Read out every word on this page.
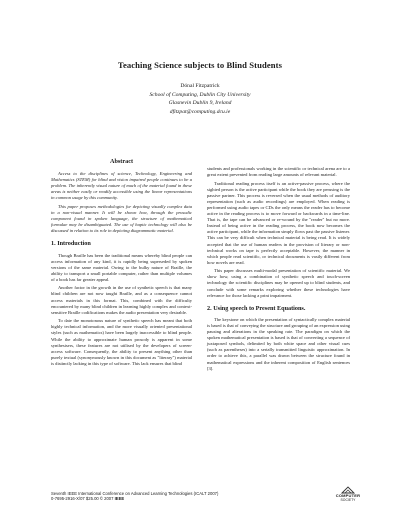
Teaching Science subjects to Blind Students
Dónal Fitzpatrick
School of Computing, Dublin City University
Glasnevin Dublin 9, Ireland
dfitzpat@computing.dcu.ie
Abstract

Access to the disciplines of science, Technology, Engineering and Mathematics (STEM) for blind and vision impaired people continues to be a problem. The inherently visual nature of much of the material found in these areas is neither easily or readily accessible using the linear representations in common usage by this community.

This paper proposes methodologies for depicting visually complex data in a non-visual manner. It will be shown how, through the prosodic component found in spoken language, the structure of mathematical formulae may be disambiguated. The use of haptic technology will also be discussed in relation to its role in depicting diagrammatic material.

1. Introduction

Though Braille has been the traditional means whereby blind people can access information of any kind, it is rapidly being superseded by spoken versions of the same material. Owing to the bulky nature of Braille, the ability to transport a small portable computer, rather than multiple volumes of a book has far greater appeal.

Another factor in the growth in the use of synthetic speech is that many blind children are not now taught Braille, and as a consequence cannot access materials in this format. This, combined with the difficulty encountered by many blind children in learning highly complex and context-sensitive Braille codifications makes the audio presentation very desirable.

To date the monotonous nature of synthetic speech has meant that both highly technical information, and the more visually oriented presentational styles (such as mathematics) have been largely inaccessible to blind people. While the ability to approximate human prosody is apparent in some synthesisers, these features are not utilised by the developers of screen-access software. Consequently, the ability to present anything other than purely textual (synonymously known in this document as "literary") material is distinctly lacking in this type of software. This lack ensures that blind

students and professionals working in the scientific or technical arena are to a great extent prevented from reading large amounts of relevant material.

Traditional reading process itself is an active-passive process, where the sighted person is the active participant while the book they are perusing is the passive partner. This process is reversed when the usual methods of auditory representation (such as audio recordings) are employed. When reading is performed using audio tapes or CDs the only means the reader has to become active in the reading process is to move forward or backwards in a time-line. That is, the tape can be advanced or re-wound by the "reader" but no more. Instead of being active in the reading process, the book now becomes the active participant, while the information simply flows past the passive listener. This can be very difficult when technical material is being read. It is widely accepted that the use of human readers in the provision of literary or non-technical works on tape is perfectly acceptable. However, the manner in which people read scientific, or technical documents is vastly different from how novels are read.

This paper discusses multi-modal presentation of scientific material. We show how, using a combination of synthetic speech and touch-screen technology the scientific disciplines may be opened up to blind students, and conclude with some remarks exploring whether these technologies have relevance for those lacking a print impairment.

2. Using speech to Present Equations.

The keystone on which the presentation of syntactically complex material is based is that of conveying the structure and grouping of an expression using pausing and alterations in the speaking rate. The paradigm on which the spoken mathematical presentation is based is that of converting a sequence of juxtaposed symbols, delimited by both white space and other visual cues (such as parentheses) into a serially transmitted linguistic approximation. In order to achieve this, a parallel was drawn between the structure found in mathematical expressions and the inherent composition of English sentences [3].

Seventh IEEE International Conference on Advanced Learning Technologies (ICALT 2007)
0-7695-2916-X/07 $25.00 © 2007 IEEE
COMPUTER
SOCIETY
